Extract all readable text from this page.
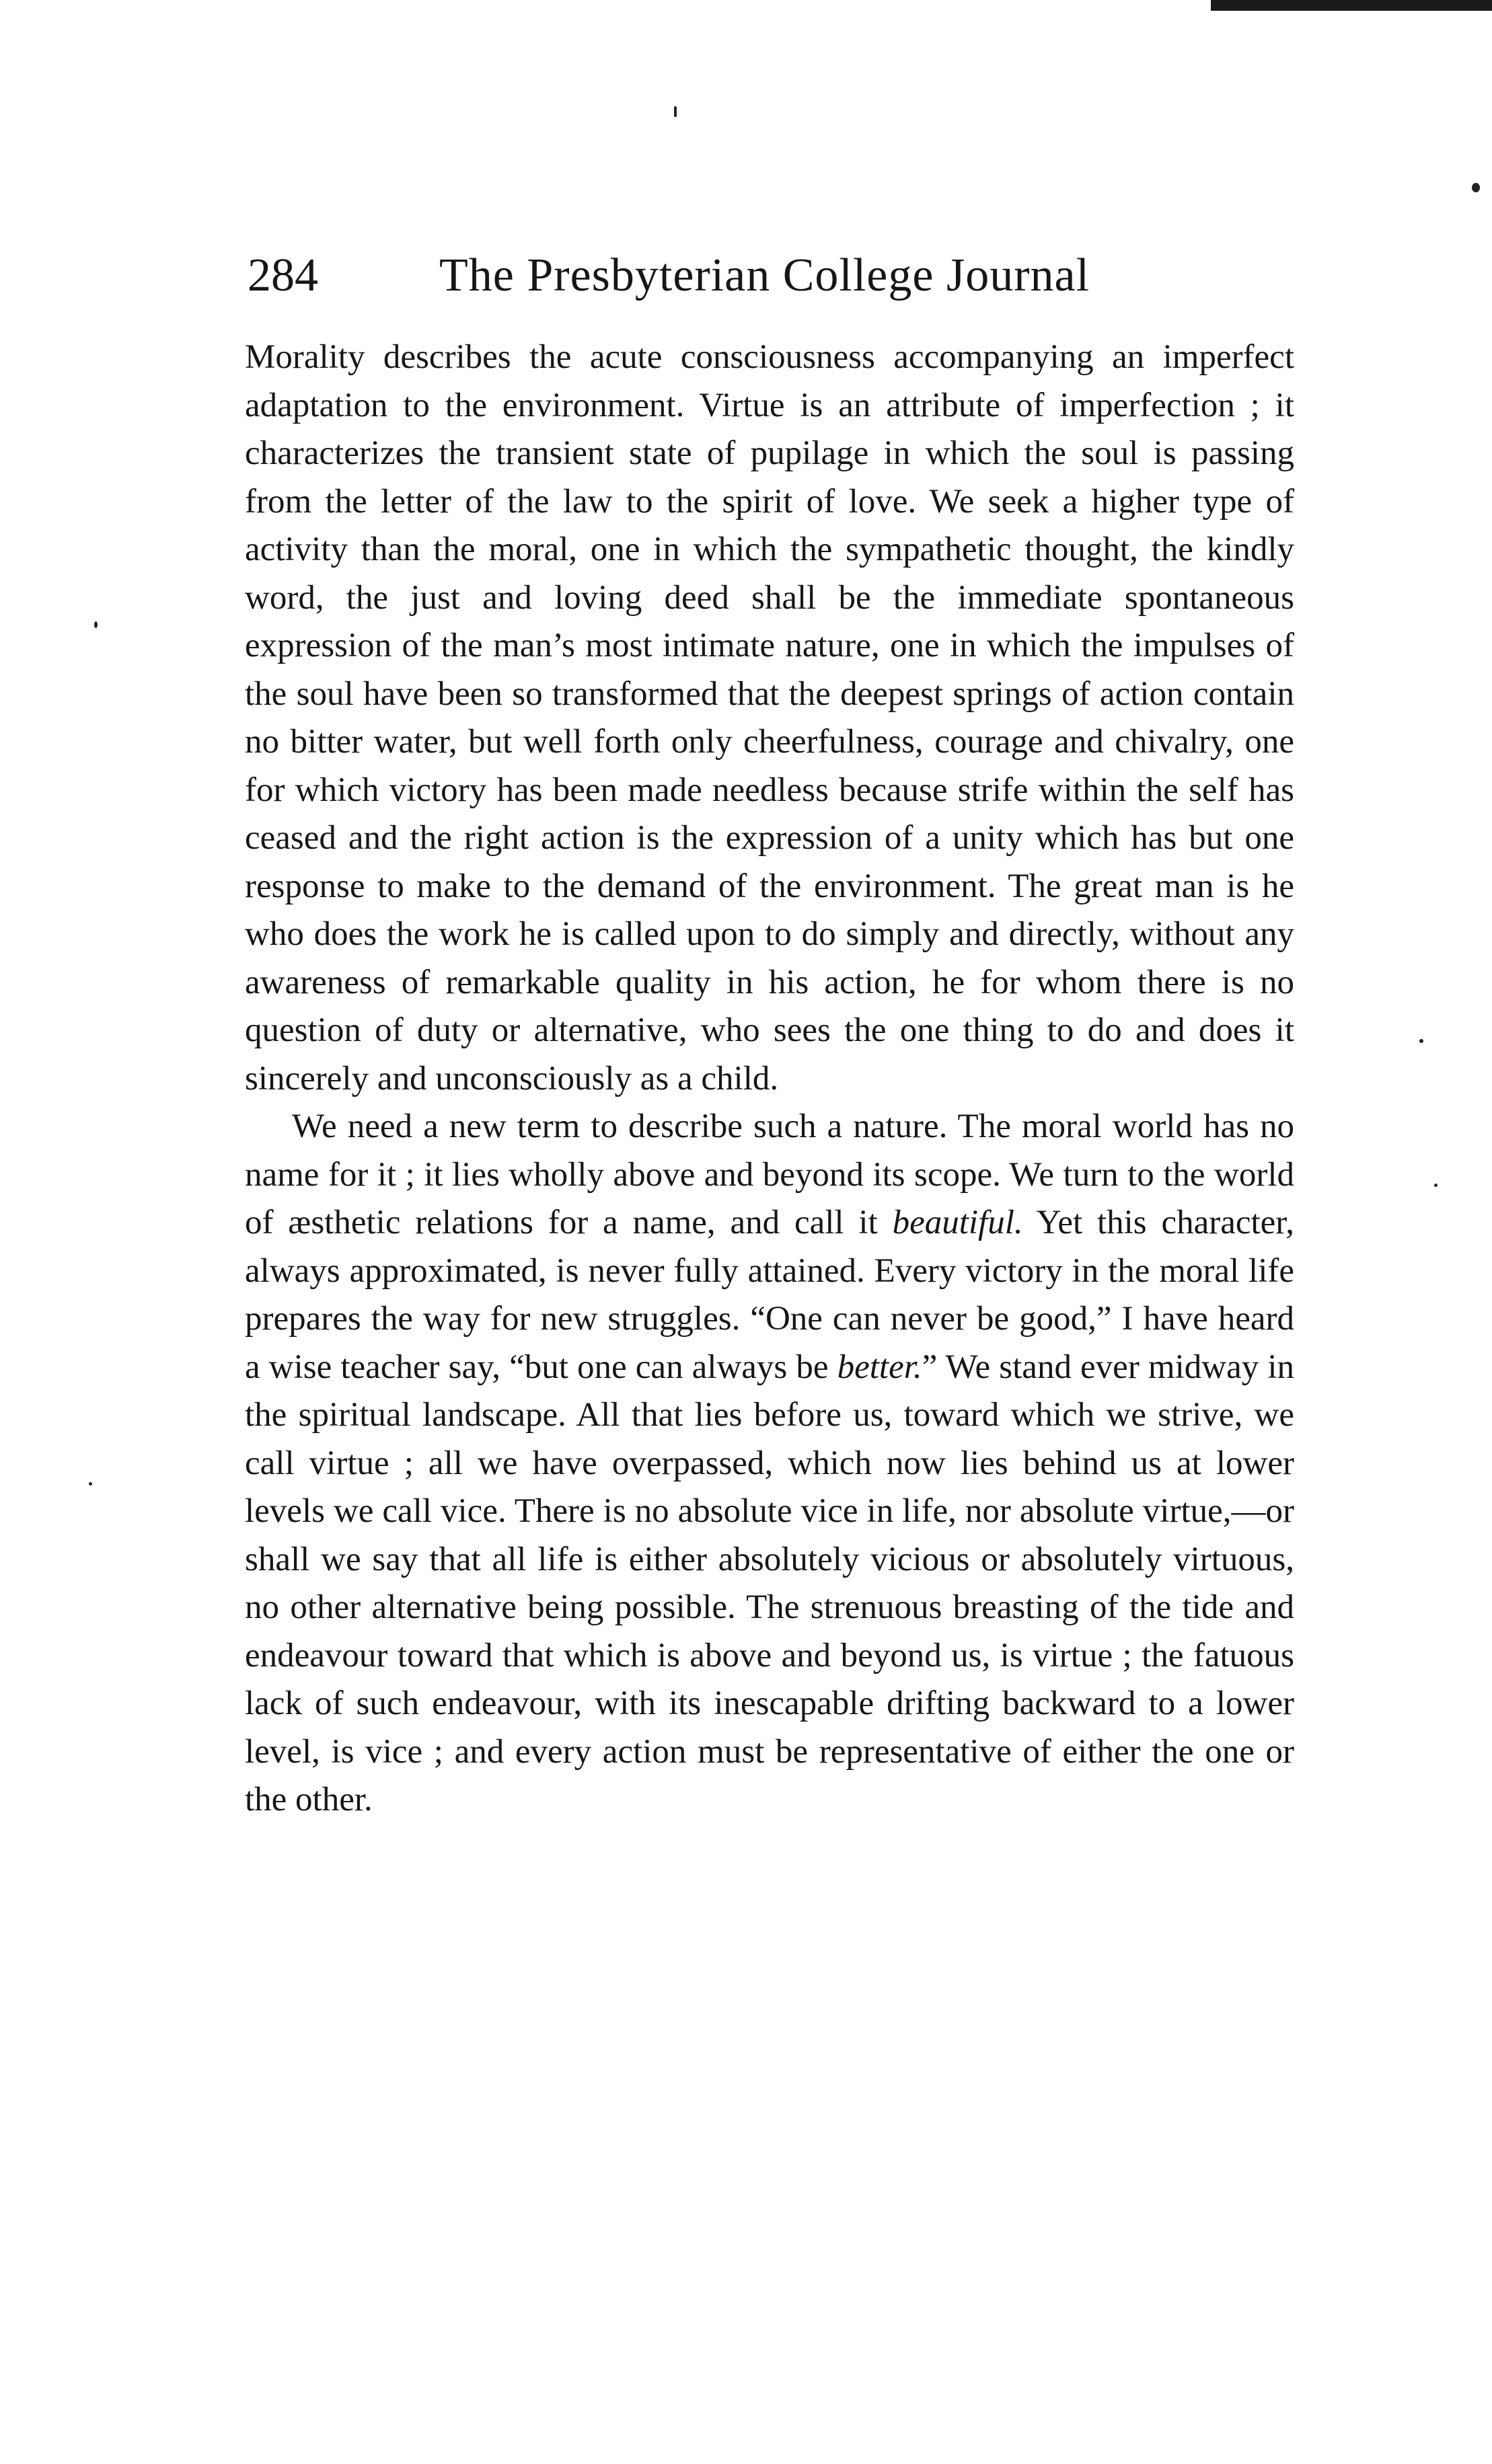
284	The Presbyterian College Journal

Morality describes the acute consciousness accompanying an imperfect adaptation to the environment. Virtue is an attribute of imperfection ; it characterizes the transient state of pupilage in which the soul is passing from the letter of the law to the spirit of love. We seek a higher type of activity than the moral, one in which the sympathetic thought, the kindly word, the just and loving deed shall be the immediate spontaneous expression of the man’s most intimate nature, one in which the impulses of the soul have been so transformed that the deepest springs of action contain no bitter water, but well forth only cheerfulness, courage and chivalry, one for which victory has been made needless because strife within the self has ceased and the right action is the expression of a unity which has but one response to make to the demand of the environment. The great man is he who does the work he is called upon to do simply and directly, without any awareness of remarkable quality in his action, he for whom there is no question of duty or alternative, who sees the one thing to do and does it sincerely and unconsciously as a child.

We need a new term to describe such a nature. The moral world has no name for it ; it lies wholly above and beyond its scope. We turn to the world of æsthetic relations for a name, and call it beautiful. Yet this character, always approximated, is never fully attained. Every victory in the moral life prepares the way for new struggles. “One can never be good,” I have heard a wise teacher say, “but one can always be better.” We stand ever midway in the spiritual landscape. All that lies before us, toward which we strive, we call virtue ; all we have overpassed, which now lies behind us at lower levels we call vice. There is no absolute vice in life, nor absolute virtue,—or shall we say that all life is either absolutely vicious or absolutely virtuous, no other alternative being possible. The strenuous breasting of the tide and endeavour toward that which is above and beyond us, is virtue ; the fatuous lack of such endeavour, with its inescapable drifting backward to a lower level, is vice ; and every action must be representative of either the one or the other.
